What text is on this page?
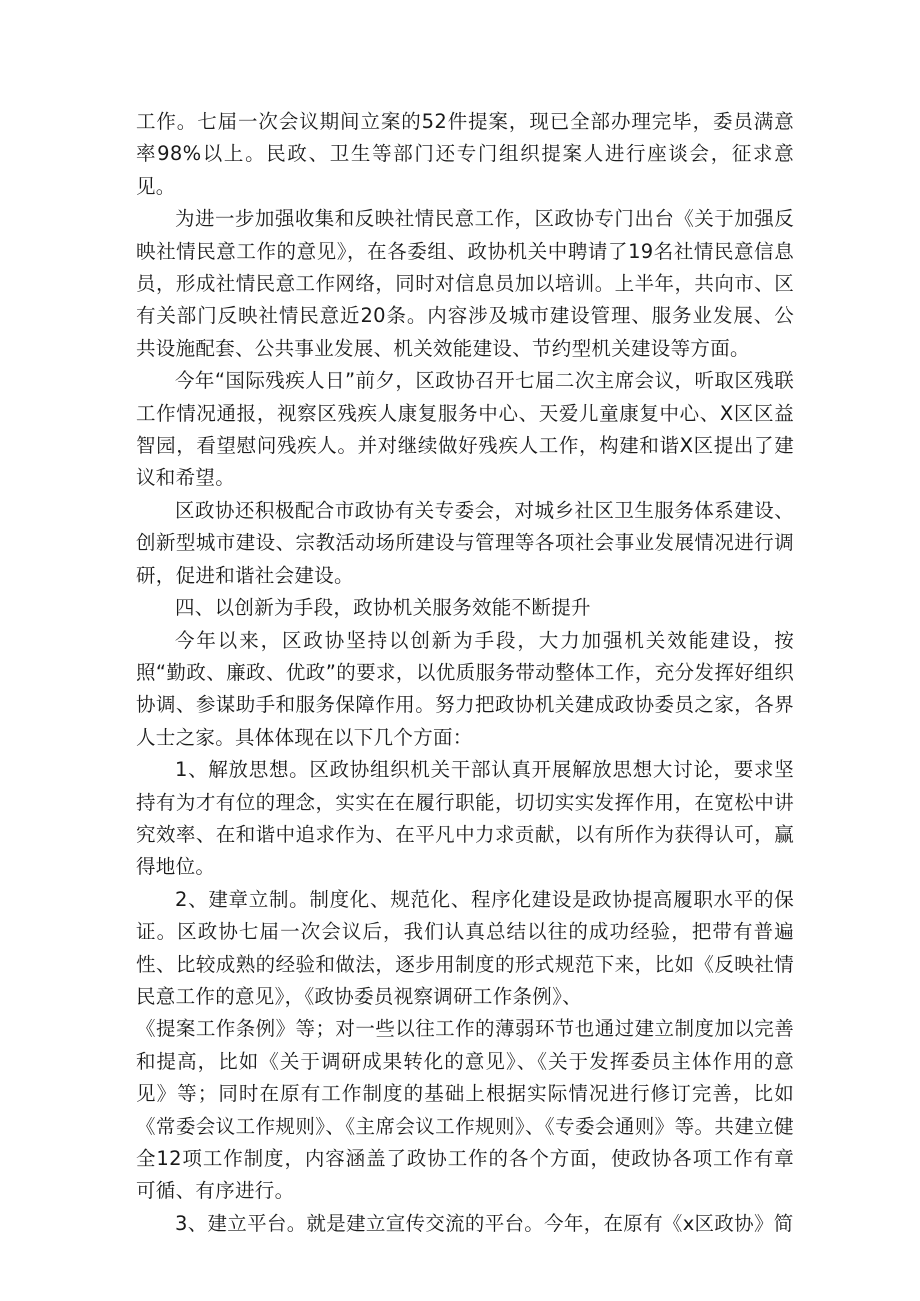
工作。七届一次会议期间立案的52件提案，现已全部办理完毕，委员满意率98%以上。民政、卫生等部门还专门组织提案人进行座谈会，征求意见。

为进一步加强收集和反映社情民意工作，区政协专门出台《关于加强反映社情民意工作的意见》，在各委组、政协机关中聘请了19名社情民意信息员，形成社情民意工作网络，同时对信息员加以培训。上半年，共向市、区有关部门反映社情民意近20条。内容涉及城市建设管理、服务业发展、公共设施配套、公共事业发展、机关效能建设、节约型机关建设等方面。

今年“国际残疾人日”前夕，区政协召开七届二次主席会议，听取区残联工作情况通报，视察区残疾人康复服务中心、天爱儿童康复中心、X区区益智园，看望慰问残疾人。并对继续做好残疾人工作，构建和谐X区提出了建议和希望。

区政协还积极配合市政协有关专委会，对城乡社区卫生服务体系建设、创新型城市建设、宗教活动场所建设与管理等各项社会事业发展情况进行调研，促进和谐社会建设。

四、以创新为手段，政协机关服务效能不断提升

今年以来，区政协坚持以创新为手段，大力加强机关效能建设，按照“勤政、廉政、优政”的要求，以优质服务带动整体工作，充分发挥好组织协调、参谋助手和服务保障作用。努力把政协机关建成政协委员之家，各界人士之家。具体体现在以下几个方面：

1、解放思想。区政协组织机关干部认真开展解放思想大讨论，要求坚持有为才有位的理念，实实在在履行职能，切切实实发挥作用，在宽松中讲究效率、在和谐中追求作为、在平凡中力求贡献，以有所作为获得认可，赢得地位。

2、建章立制。制度化、规范化、程序化建设是政协提高履职水平的保证。区政协七届一次会议后，我们认真总结以往的成功经验，把带有普遍性、比较成熟的经验和做法，逐步用制度的形式规范下来，比如《反映社情民意工作的意见》，《政协委员视察调研工作条例》、

《提案工作条例》等；对一些以往工作的薄弱环节也通过建立制度加以完善和提高，比如《关于调研成果转化的意见》、《关于发挥委员主体作用的意见》等；同时在原有工作制度的基础上根据实际情况进行修订完善，比如《常委会议工作规则》、《主席会议工作规则》、《专委会通则》等。共建立健全12项工作制度，内容涵盖了政协工作的各个方面，使政协各项工作有章可循、有序进行。

3、建立平台。就是建立宣传交流的平台。今年，在原有《x区政协》简
